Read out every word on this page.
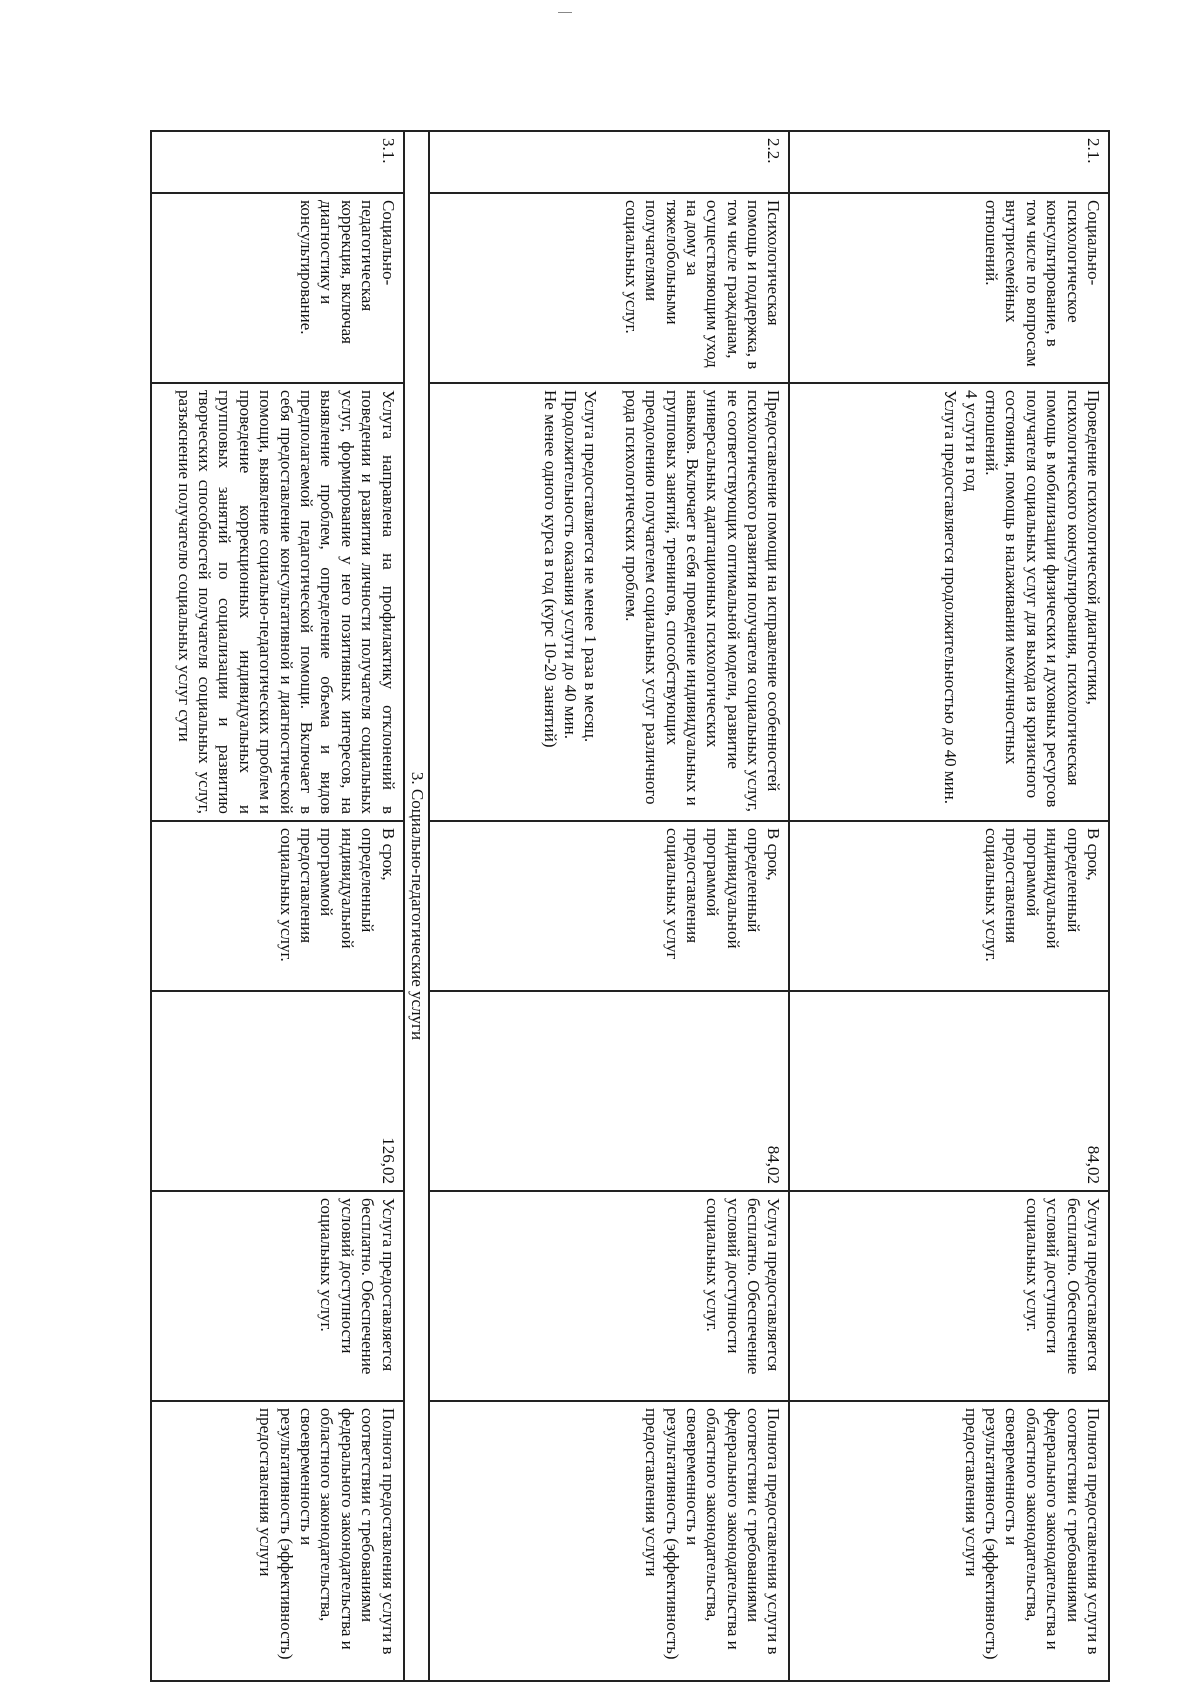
2.1.	Социально-психологическое консультирование, в том числе по вопросам внутрисемейных отношений.	Проведение психологической диагностики, психологического консультирования, психологическая помощь в мобилизации физических и духовных ресурсов получателя социальных услуг для выхода из кризисного состояния, помощь в налаживании межличностных отношений.

4 услуги в год

Услуга предоставляется продолжительностью до 40 мин.	В срок, определенный индивидуальной программой предоставления социальных услуг.	84,02	Услуга предоставляется бесплатно. Обеспечение условий доступности социальных услуг.	Полнота предоставления услуги в соответствии с требованиями федерального законодательства и областного законодательства, своевременность и результативность (эффективность) предоставления услуги
2.2.	Психологическая помощь и поддержка, в том числе гражданам, осуществляющим уход на дому за тяжелобольными получателями социальных услуг.	Предоставление помощи на исправление особенностей психологического развития получателя социальных услуг, не соответствующих оптимальной модели, развитие универсальных адаптационных психологических навыков. Включает в себя проведение индивидуальных и групповых занятий, тренингов, способствующих преодолению получателем социальных услуг различного рода психологических проблем.

Услуга предоставляется не менее 1 раза в месяц.

Продолжительность оказания услуги до 40 мин.

Не менее одного курса в год (курс 10-20 занятий)	В срок, определенный индивидуальной программой предоставления социальных услуг	84,02	Услуга предоставляется бесплатно. Обеспечение условий доступности социальных услуг.	Полнота предоставления услуги в соответствии с требованиями федерального законодательства и областного законодательства, своевременность и результативность (эффективность) предоставления услуги
3. Социально-педагогические услуги						
3.1.	Социально-педагогическая коррекция, включая диагностику и консультирование.	Услуга направлена на профилактику отклонений в поведении и развитии личности получателя социальных услуг, формирование у него позитивных интересов, на выявление проблем, определение объема и видов предполагаемой педагогической помощи. Включает в себя предоставление консультативной и диагностической помощи, выявление социально-педагогических проблем и проведение коррекционных индивидуальных и групповых занятий по социализации и развитию творческих способностей получателя социальных услуг, разъяснение получателю социальных услуг сути	В срок, определенный индивидуальной программой предоставления социальных услуг.	126,02	Услуга предоставляется бесплатно. Обеспечение условий доступности социальных услуг.	Полнота предоставления услуги в соответствии с требованиями федерального законодательства и областного законодательства, своевременность и результативность (эффективность) предоставления услуги
